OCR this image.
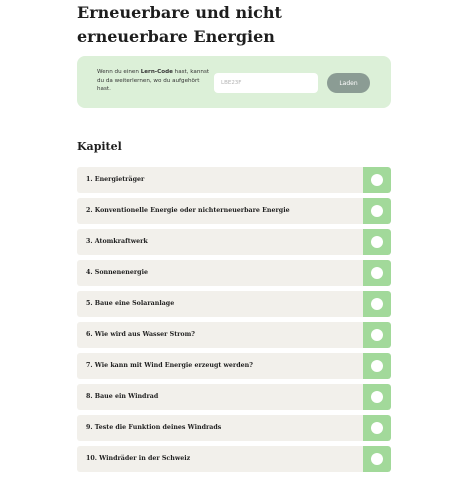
Erneuerbare und nicht erneuerbare Energien
Wenn du einen Lern-Code hast, kannst du da weiterlernen, wo du aufgehört hast.
LBE23F
Laden
Kapitel
1. Energieträger
2. Konventionelle Energie oder nichterneuerbare Energie
3. Atomkraftwerk
4. Sonnenenergie
5. Baue eine Solaranlage
6. Wie wird aus Wasser Strom?
7. Wie kann mit Wind Energie erzeugt werden?
8. Baue ein Windrad
9. Teste die Funktion deines Windrads
10. Windräder in der Schweiz
